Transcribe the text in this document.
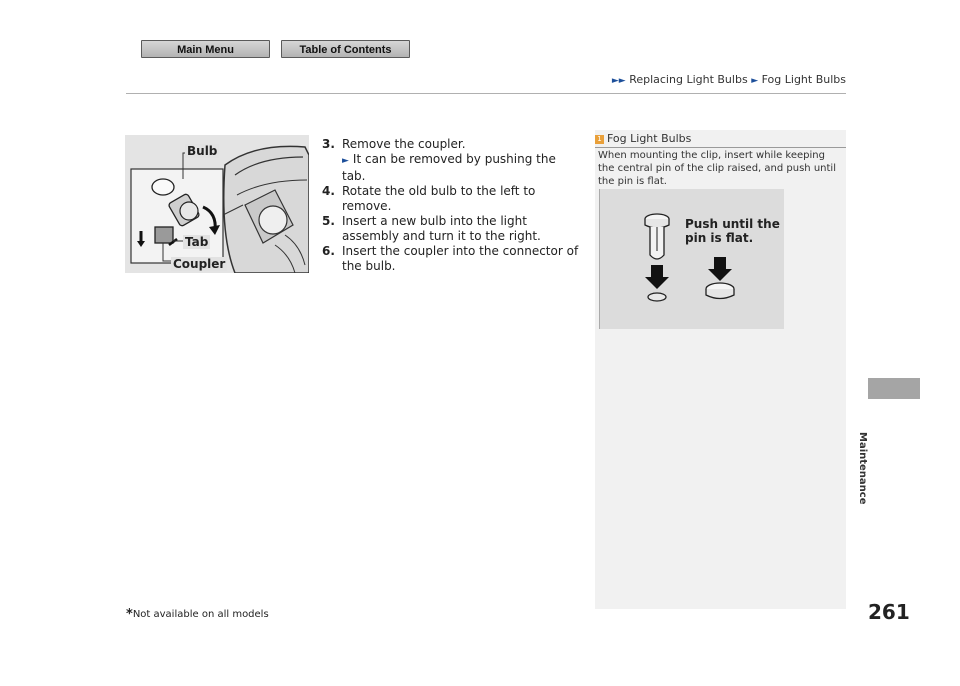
Main Menu	Table of Contents
►► Replacing Light Bulbs ► Fog Light Bulbs
Bulb
Tab
Coupler
3. Remove the coupler.
► It can be removed by pushing the tab.
4. Rotate the old bulb to the left to remove.
5. Insert a new bulb into the light assembly and turn it to the right.
6. Insert the coupler into the connector of the bulb.
1 Fog Light Bulbs
When mounting the clip, insert while keeping the central pin of the clip raised, and push until the pin is flat.
Push until the
pin is flat.
Maintenance
261
*Not available on all models
